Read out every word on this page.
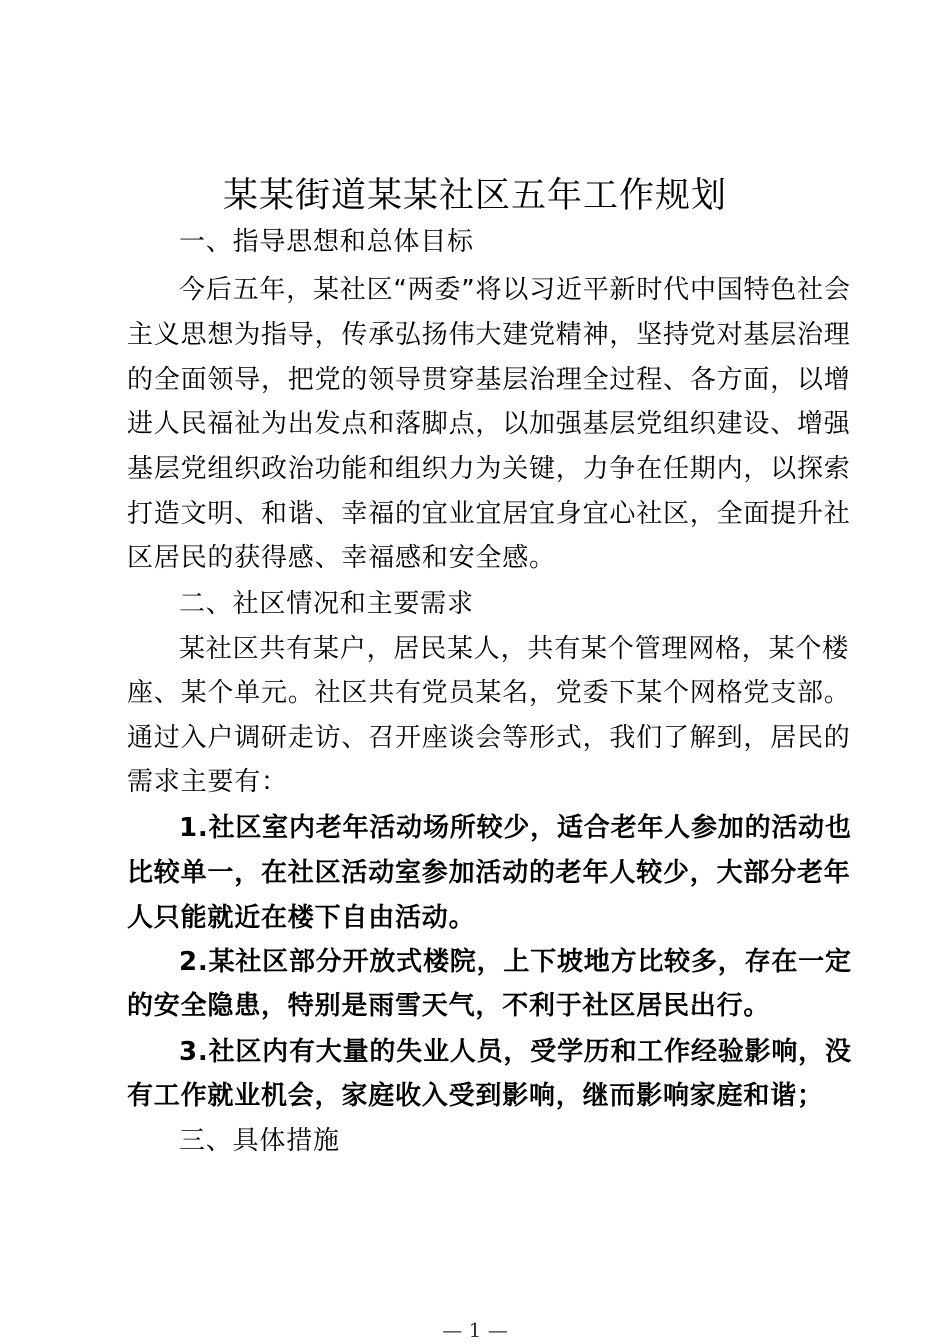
某某街道某某社区五年工作规划
一、指导思想和总体目标
今后五年，某社区“两委”将以习近平新时代中国特色社会
主义思想为指导，传承弘扬伟大建党精神，坚持党对基层治理
的全面领导，把党的领导贯穿基层治理全过程、各方面，以增
进人民福祉为出发点和落脚点，以加强基层党组织建设、增强
基层党组织政治功能和组织力为关键，力争在任期内，以探索
打造文明、和谐、幸福的宜业宜居宜身宜心社区，全面提升社
区居民的获得感、幸福感和安全感。
二、社区情况和主要需求
某社区共有某户，居民某人，共有某个管理网格，某个楼
座、某个单元。社区共有党员某名，党委下某个网格党支部。
通过入户调研走访、召开座谈会等形式，我们了解到，居民的
需求主要有：
1.社区室内老年活动场所较少，适合老年人参加的活动也
比较单一，在社区活动室参加活动的老年人较少，大部分老年
人只能就近在楼下自由活动。
2.某社区部分开放式楼院，上下坡地方比较多，存在一定
的安全隐患，特别是雨雪天气，不利于社区居民出行。
3.社区内有大量的失业人员，受学历和工作经验影响，没
有工作就业机会，家庭收入受到影响，继而影响家庭和谐；
三、具体措施
— 1 —
